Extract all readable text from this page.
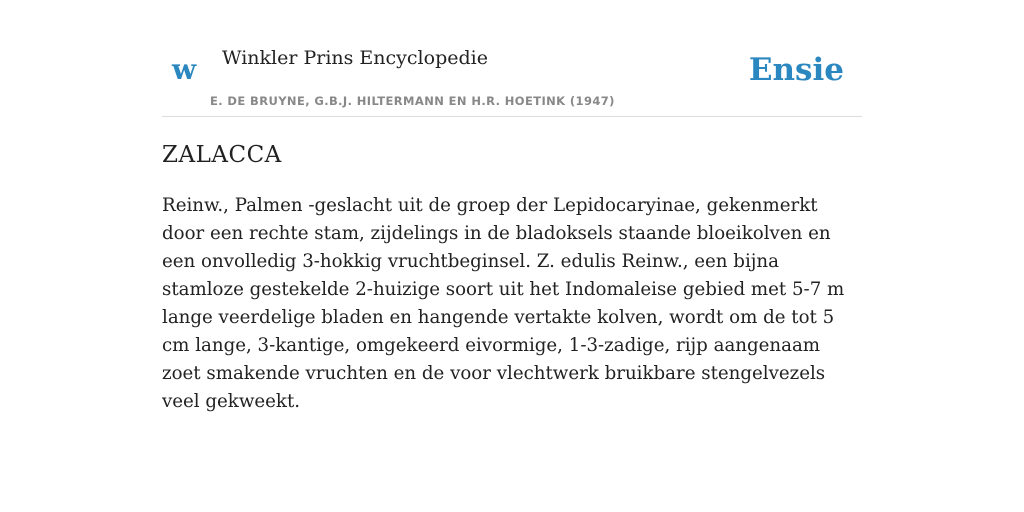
w Winkler Prins Encyclopedie
E. DE BRUYNE, G.B.J. HILTERMANN EN H.R. HOETINK (1947)
Ensie
ZALACCA

Reinw., Palmen -geslacht uit de groep der Lepidocaryinae, gekenmerkt door een rechte stam, zijdelings in de bladoksels staande bloeikolven en een onvolledig 3-hokkig vruchtbeginsel. Z. edulis Reinw., een bijna stamloze gestekelde 2-huizige soort uit het Indomaleise gebied met 5-7 m lange veerdelige bladen en hangende vertakte kolven, wordt om de tot 5 cm lange, 3-kantige, omgekeerd eivormige, 1-3-zadige, rijp aangenaam zoet smakende vruchten en de voor vlechtwerk bruikbare stengelvezels veel gekweekt.
